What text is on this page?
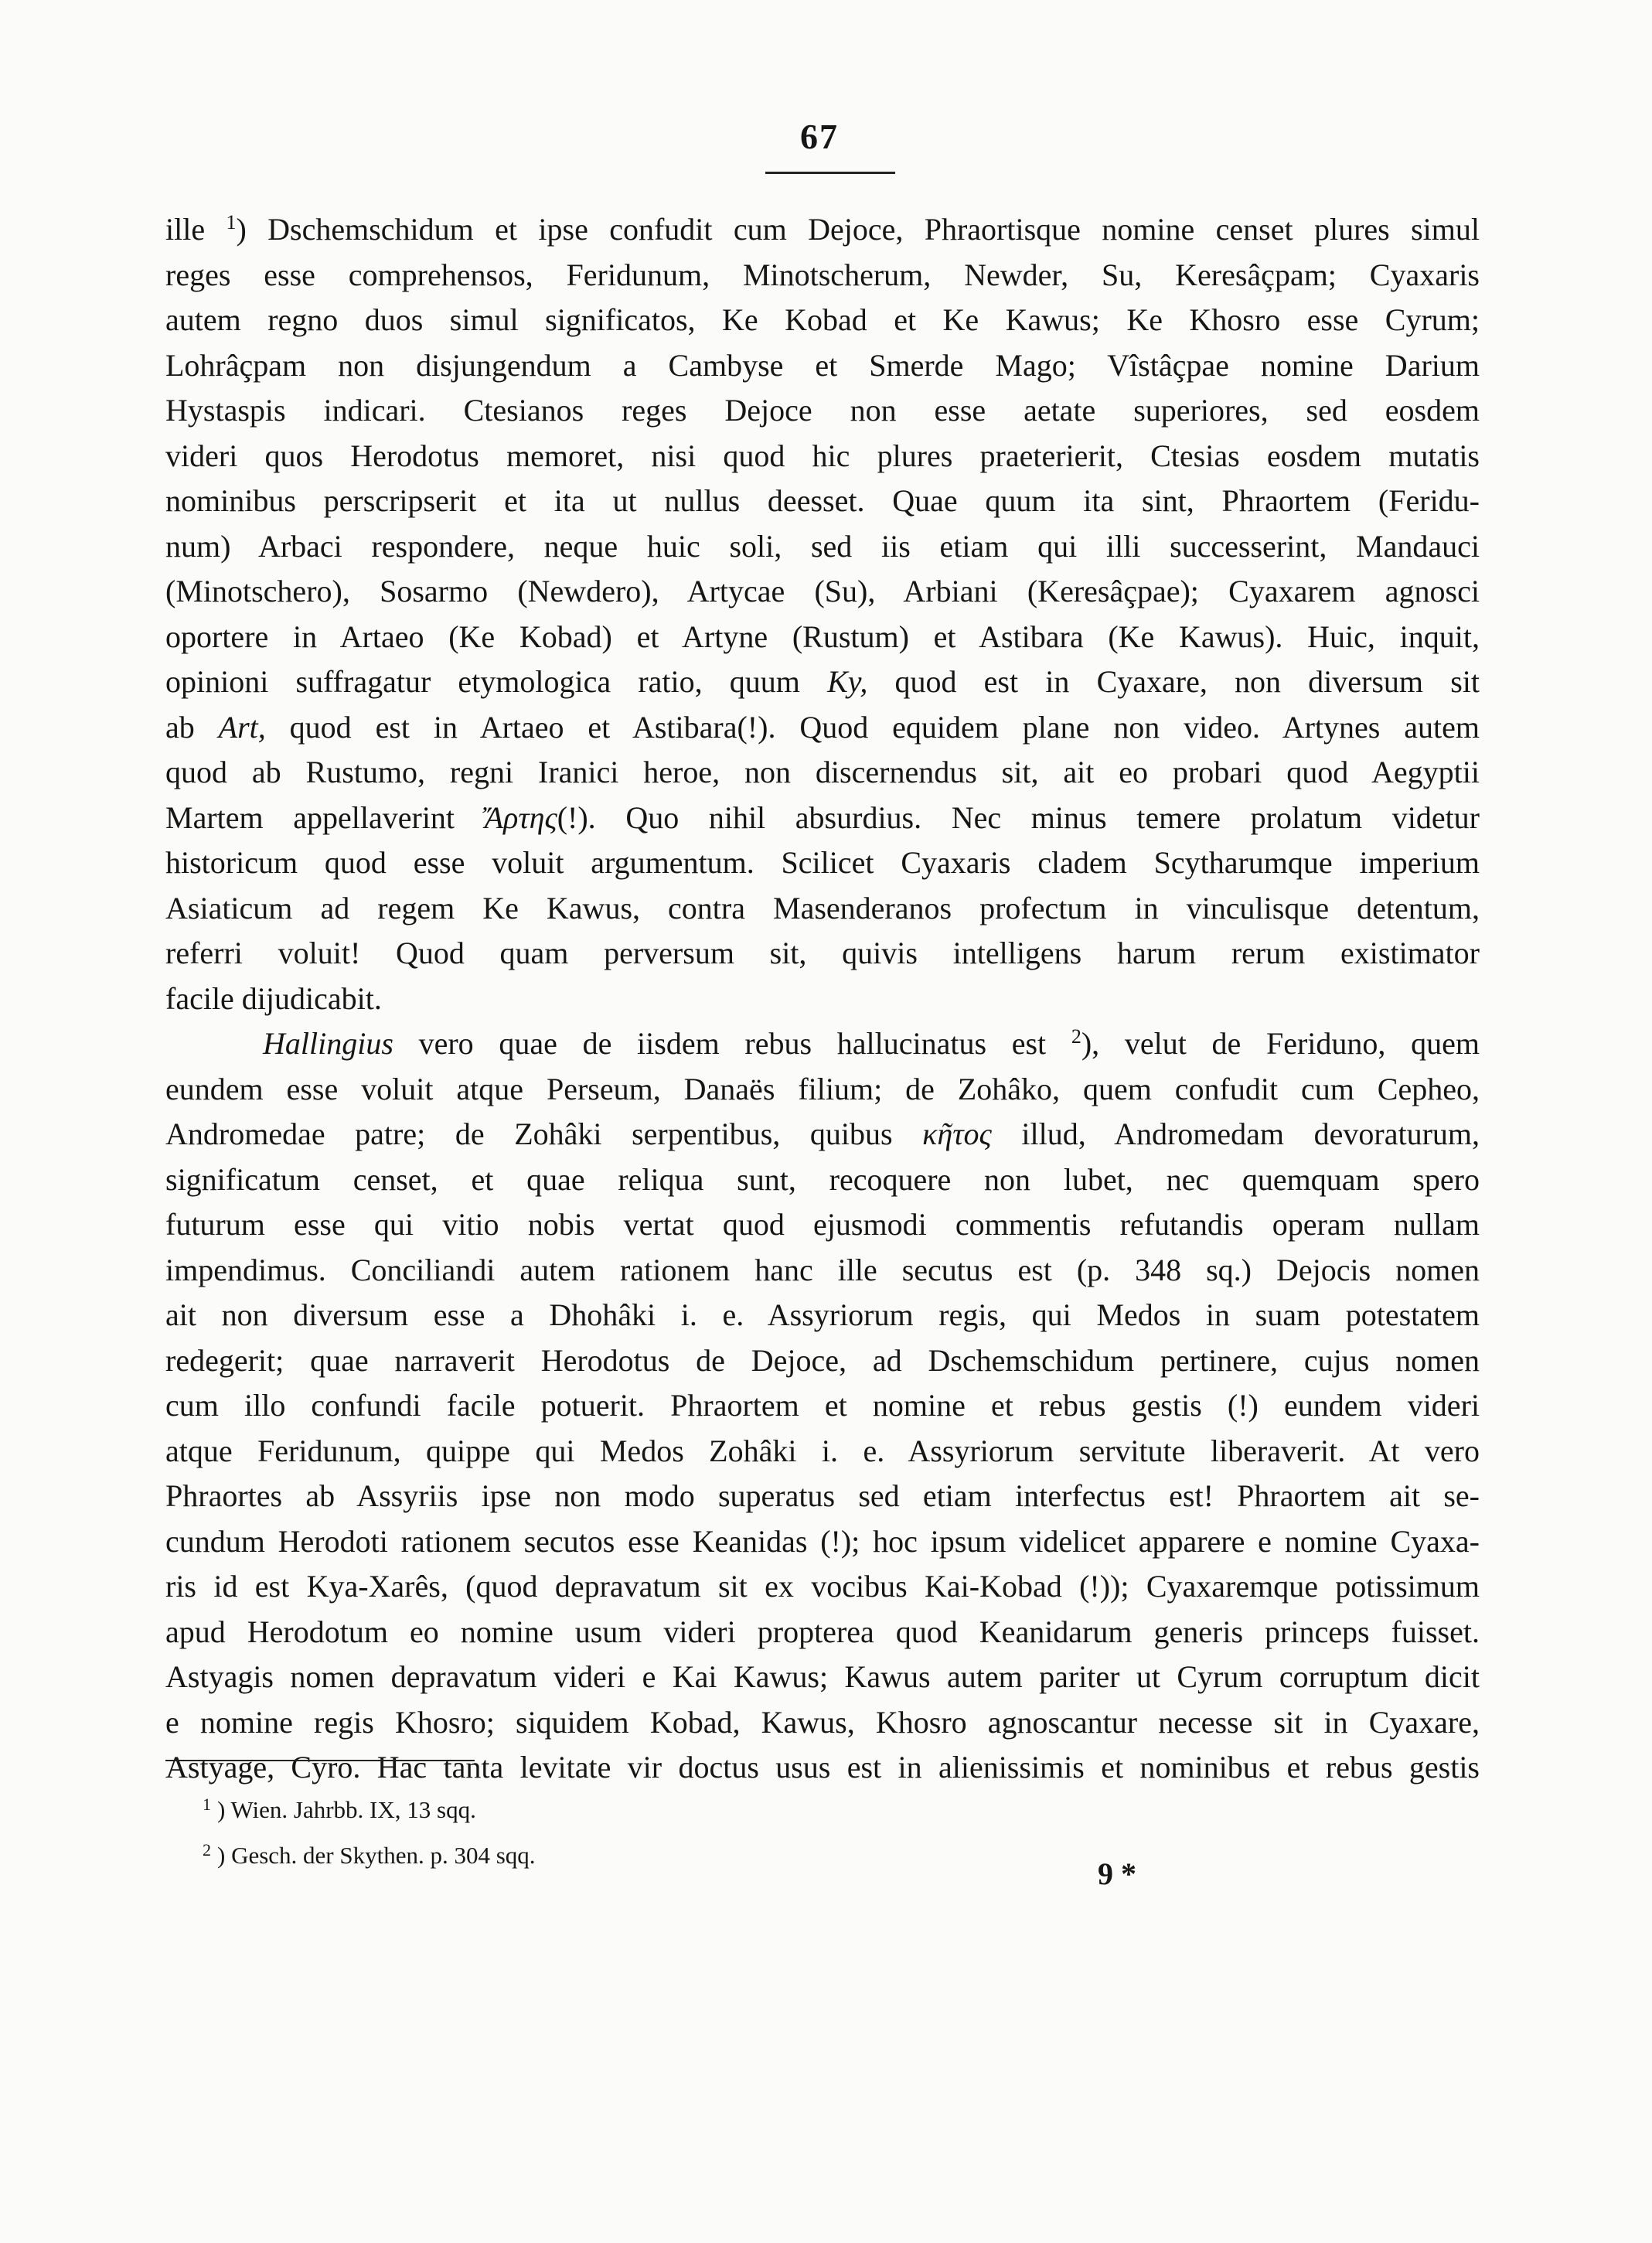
67
ille $^1$) Dschemschidum et ipse confudit cum Dejoce, Phraortisque nomine censet plures simul
reges esse comprehensos, Feridunum, Minotscherum, Newder, Su, Keresâçpam; Cyaxaris
autem regno duos simul significatos, Ke Kobad et Ke Kawus; Ke Khosro esse Cyrum;
Lohrâçpam non disjungendum a Cambyse et Smerde Mago; Vîstâçpae nomine Darium
Hystaspis indicari. Ctesianos reges Dejoce non esse aetate superiores, sed eosdem
videri quos Herodotus memoret, nisi quod hic plures praeterierit, Ctesias eosdem mutatis
nominibus perscripserit et ita ut nullus deesset. Quae quum ita sint, Phraortem (Feridu-
num) Arbaci respondere, neque huic soli, sed iis etiam qui illi successerint, Mandauci
(Minotschero), Sosarmo (Newdero), Artycae (Su), Arbiani (Keresâçpae); Cyaxarem agnosci
oportere in Artaeo (Ke Kobad) et Artyne (Rustum) et Astibara (Ke Kawus). Huic, inquit,
opinioni suffragatur etymologica ratio, quum Ky, quod est in Cyaxare, non diversum sit
ab Art, quod est in Artaeo et Astibara(!). Quod equidem plane non video. Artynes autem
quod ab Rustumo, regni Iranici heroe, non discernendus sit, ait eo probari quod Aegyptii
Martem appellaverint Ἄρτης(!). Quo nihil absurdius. Nec minus temere prolatum videtur
historicum quod esse voluit argumentum. Scilicet Cyaxaris cladem Scytharumque imperium
Asiaticum ad regem Ke Kawus, contra Masenderanos profectum in vinculisque detentum,
referri voluit! Quod quam perversum sit, quivis intelligens harum rerum existimator
facile dijudicabit.
Hallingius vero quae de iisdem rebus hallucinatus est $^2$), velut de Feriduno, quem
eundem esse voluit atque Perseum, Danaës filium; de Zohâko, quem confudit cum Cepheo,
Andromedae patre; de Zohâki serpentibus, quibus κῆτος illud, Andromedam devoraturum,
significatum censet, et quae reliqua sunt, recoquere non lubet, nec quemquam spero
futurum esse qui vitio nobis vertat quod ejusmodi commentis refutandis operam nullam
impendimus. Conciliandi autem rationem hanc ille secutus est (p. 348 sq.) Dejocis nomen
ait non diversum esse a Dhohâki i. e. Assyriorum regis, qui Medos in suam potestatem
redegerit; quae narraverit Herodotus de Dejoce, ad Dschemschidum pertinere, cujus nomen
cum illo confundi facile potuerit. Phraortem et nomine et rebus gestis (!) eundem videri
atque Feridunum, quippe qui Medos Zohâki i. e. Assyriorum servitute liberaverit. At vero
Phraortes ab Assyriis ipse non modo superatus sed etiam interfectus est! Phraortem ait se-
cundum Herodoti rationem secutos esse Keanidas (!); hoc ipsum videlicet apparere e nomine Cyaxa-
ris id est Kya-Xarês, (quod depravatum sit ex vocibus Kai-Kobad (!)); Cyaxaremque potissimum
apud Herodotum eo nomine usum videri propterea quod Keanidarum generis princeps fuisset.
Astyagis nomen depravatum videri e Kai Kawus; Kawus autem pariter ut Cyrum corruptum dicit
e nomine regis Khosro; siquidem Kobad, Kawus, Khosro agnoscantur necesse sit in Cyaxare,
Astyage, Cyro. Hac tanta levitate vir doctus usus est in alienissimis et nominibus et rebus gestis
$^1$ ) Wien. Jahrbb. IX, 13 sqq.
$^2$ ) Gesch. der Skythen. p. 304 sqq.
9 *
